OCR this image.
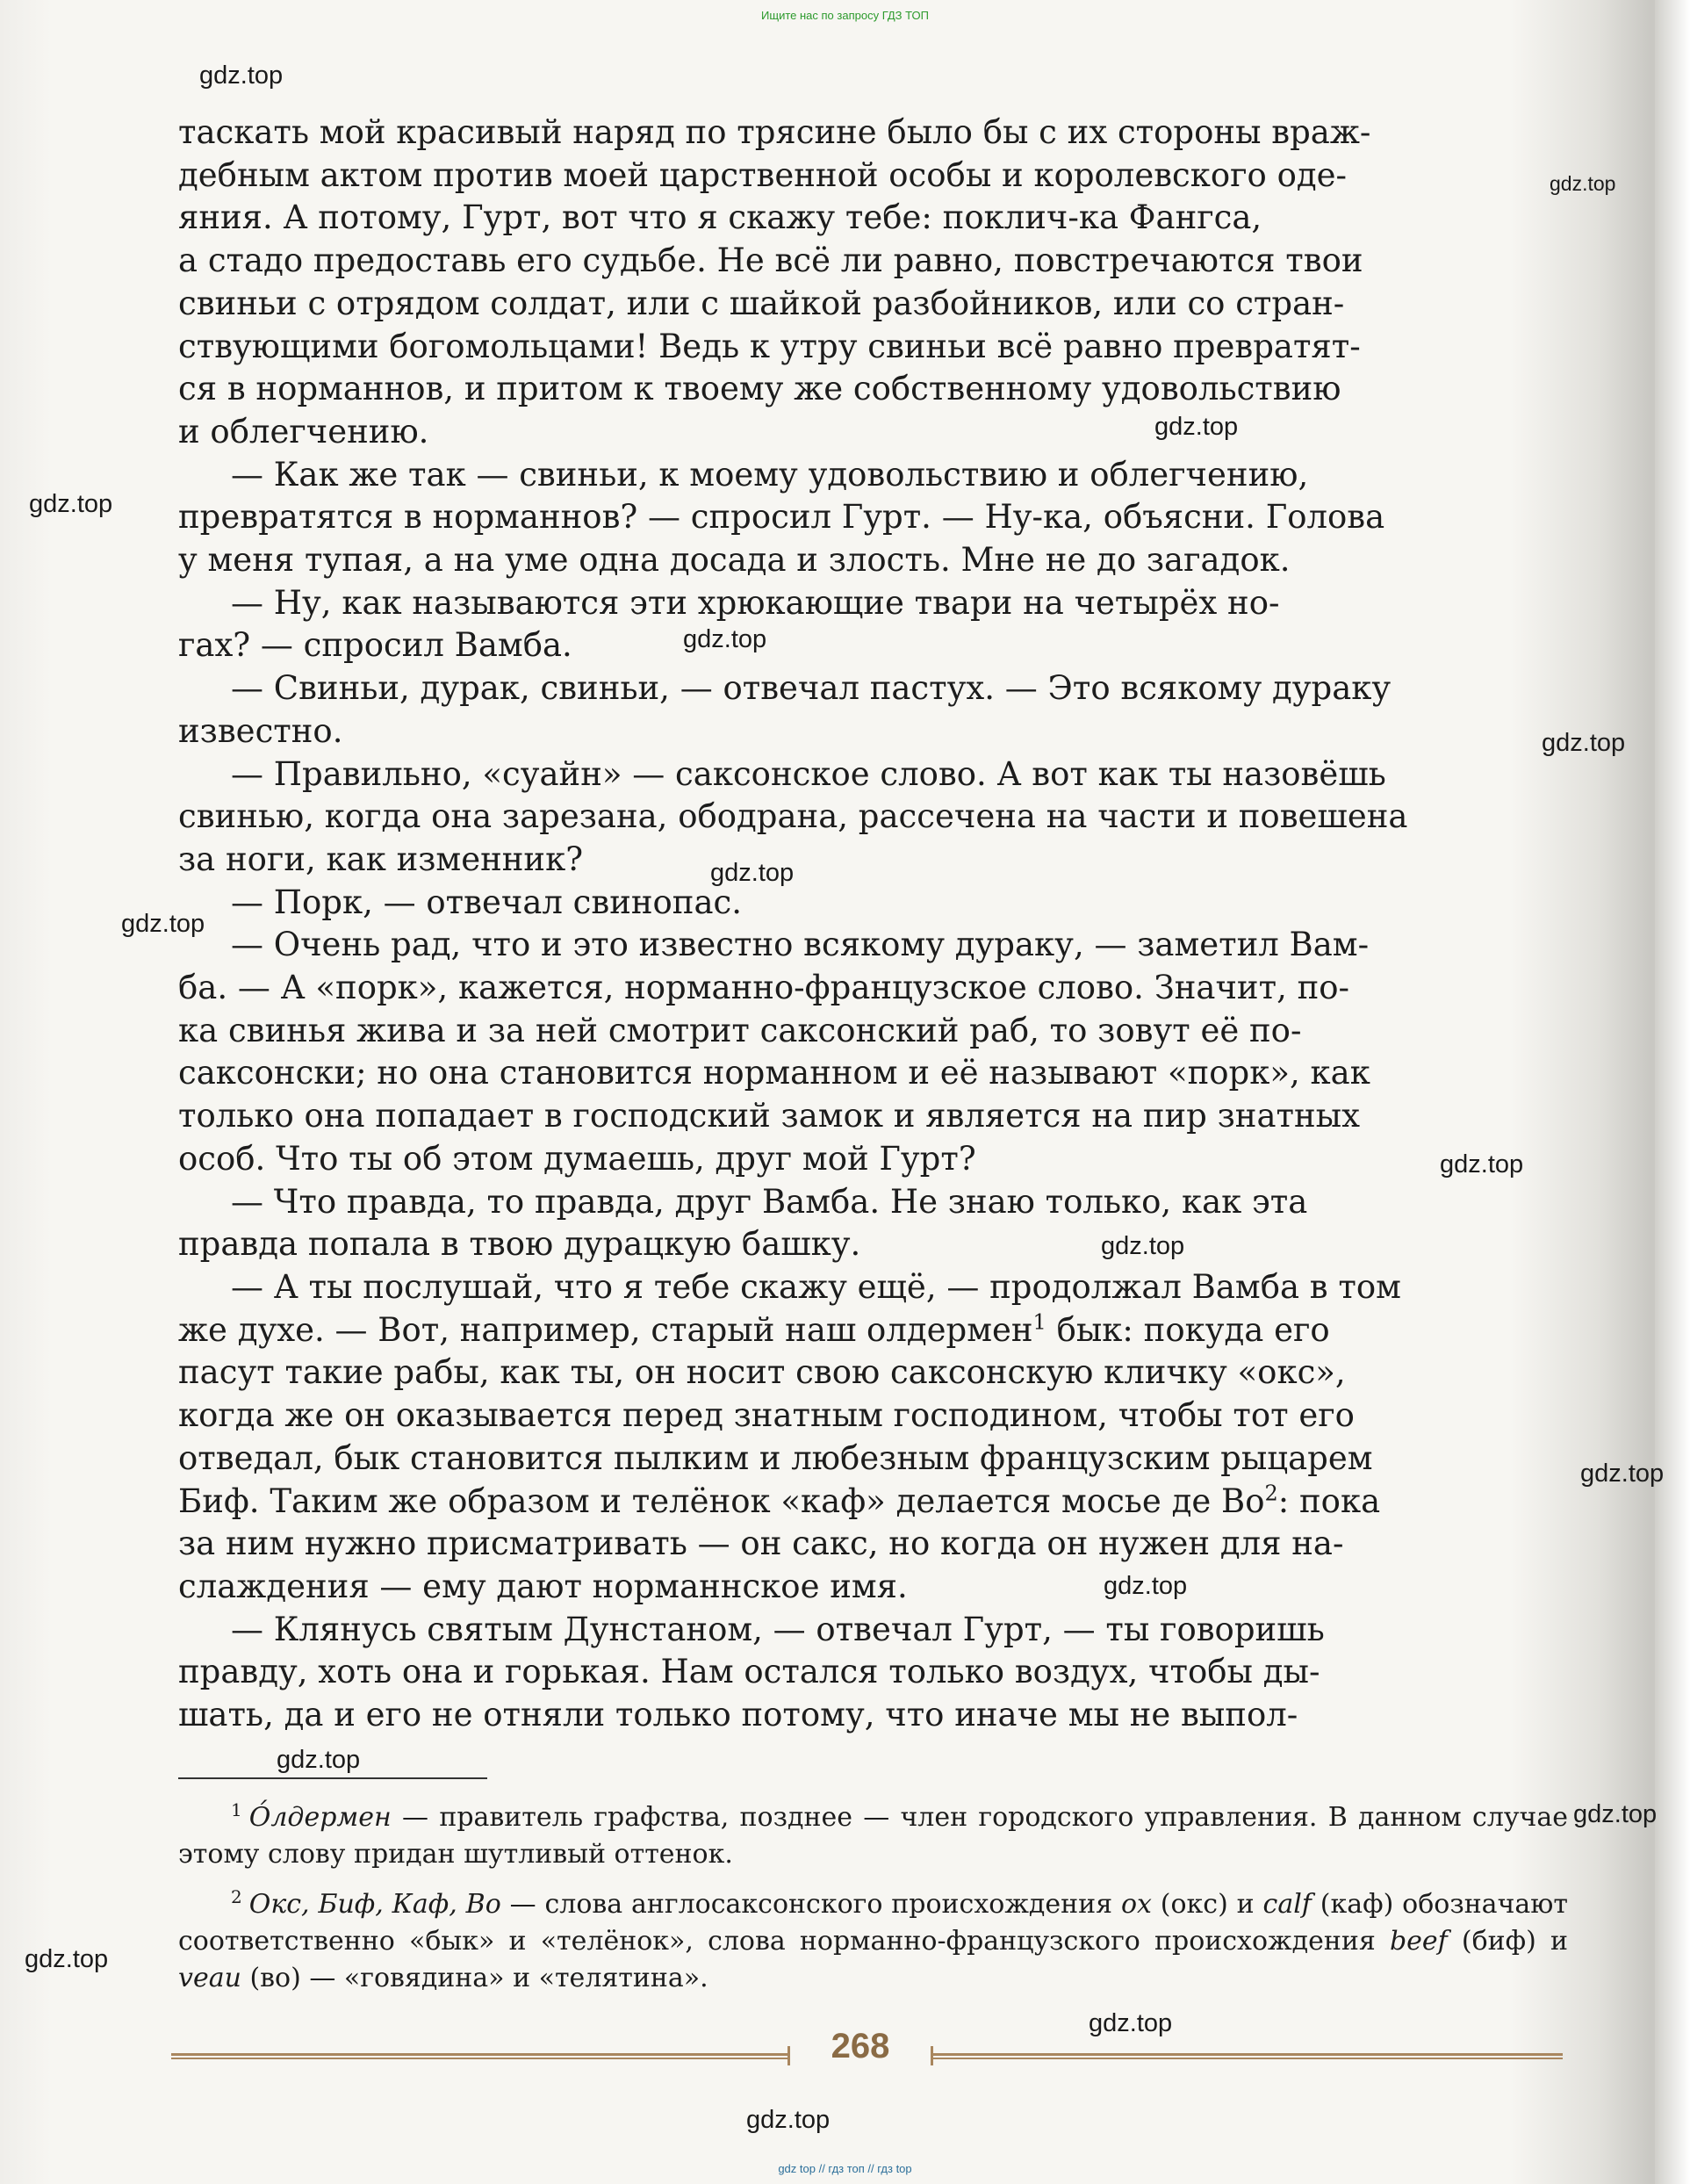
Ищите нас по запросу ГДЗ ТОП
gdz.top
gdz.top
gdz.top
gdz.top
gdz.top
gdz.top
gdz.top
gdz.top
gdz.top
gdz.top
gdz.top
gdz.top
gdz.top
gdz.top
gdz.top
gdz.top
gdz.top

таскать мой красивый наряд по трясине было бы с их стороны враж-
дебным актом против моей царственной особы и королевского оде-
яния. А потому, Гурт, вот что я скажу тебе: поклич-ка Фангса,
а стадо предоставь его судьбе. Не всё ли равно, повстречаются твои
свиньи с отрядом солдат, или с шайкой разбойников, или со стран-
ствующими богомольцами! Ведь к утру свиньи всё равно превратят-
ся в норманнов, и притом к твоему же собственному удовольствию
и облегчению.

— Как же так — свиньи, к моему удовольствию и облегчению,
превратятся в норманнов? — спросил Гурт. — Ну-ка, объясни. Голова
у меня тупая, а на уме одна досада и злость. Мне не до загадок.

— Ну, как называются эти хрюкающие твари на четырёх но-
гах? — спросил Вамба.

— Свиньи, дурак, свиньи, — отвечал пастух. — Это всякому дураку
известно.

— Правильно, «суайн» — саксонское слово. А вот как ты назовёшь
свинью, когда она зарезана, ободрана, рассечена на части и повешена
за ноги, как изменник?

— Порк, — отвечал свинопас.

— Очень рад, что и это известно всякому дураку, — заметил Вам-
ба. — А «порк», кажется, норманно-французское слово. Значит, по-
ка свинья жива и за ней смотрит саксонский раб, то зовут её по-
саксонски; но она становится норманном и её называют «порк», как
только она попадает в господский замок и является на пир знатных
особ. Что ты об этом думаешь, друг мой Гурт?

— Что правда, то правда, друг Вамба. Не знаю только, как эта
правда попала в твою дурацкую башку.

— А ты послушай, что я тебе скажу ещё, — продолжал Вамба в том
же духе. — Вот, например, старый наш олдермен$^1$ бык: покуда его
пасут такие рабы, как ты, он носит свою саксонскую кличку «окс»,
когда же он оказывается перед знатным господином, чтобы тот его
отведал, бык становится пылким и любезным французским рыцарем
Биф. Таким же образом и телёнок «каф» делается мосье де Во$^2$: пока
за ним нужно присматривать — он сакс, но когда он нужен для на-
слаждения — ему дают норманнское имя.

— Клянусь святым Дунстаном, — отвечал Гурт, — ты говоришь
правду, хоть она и горькая. Нам остался только воздух, чтобы ды-
шать, да и его не отняли только потому, что иначе мы не выпол-

$^1$ О́лдермен — правитель графства, позднее — член городского управления. В данном случае этому слову придан шутливый оттенок.

$^2$ Окс, Биф, Каф, Во — слова англосаксонского происхождения ox (окс) и calf (каф) обозначают соответственно «бык» и «телёнок», слова норманно-французского происхождения beef (биф) и veau (во) — «говядина» и «телятина».

268
gdz top // гдз топ // гдз top
